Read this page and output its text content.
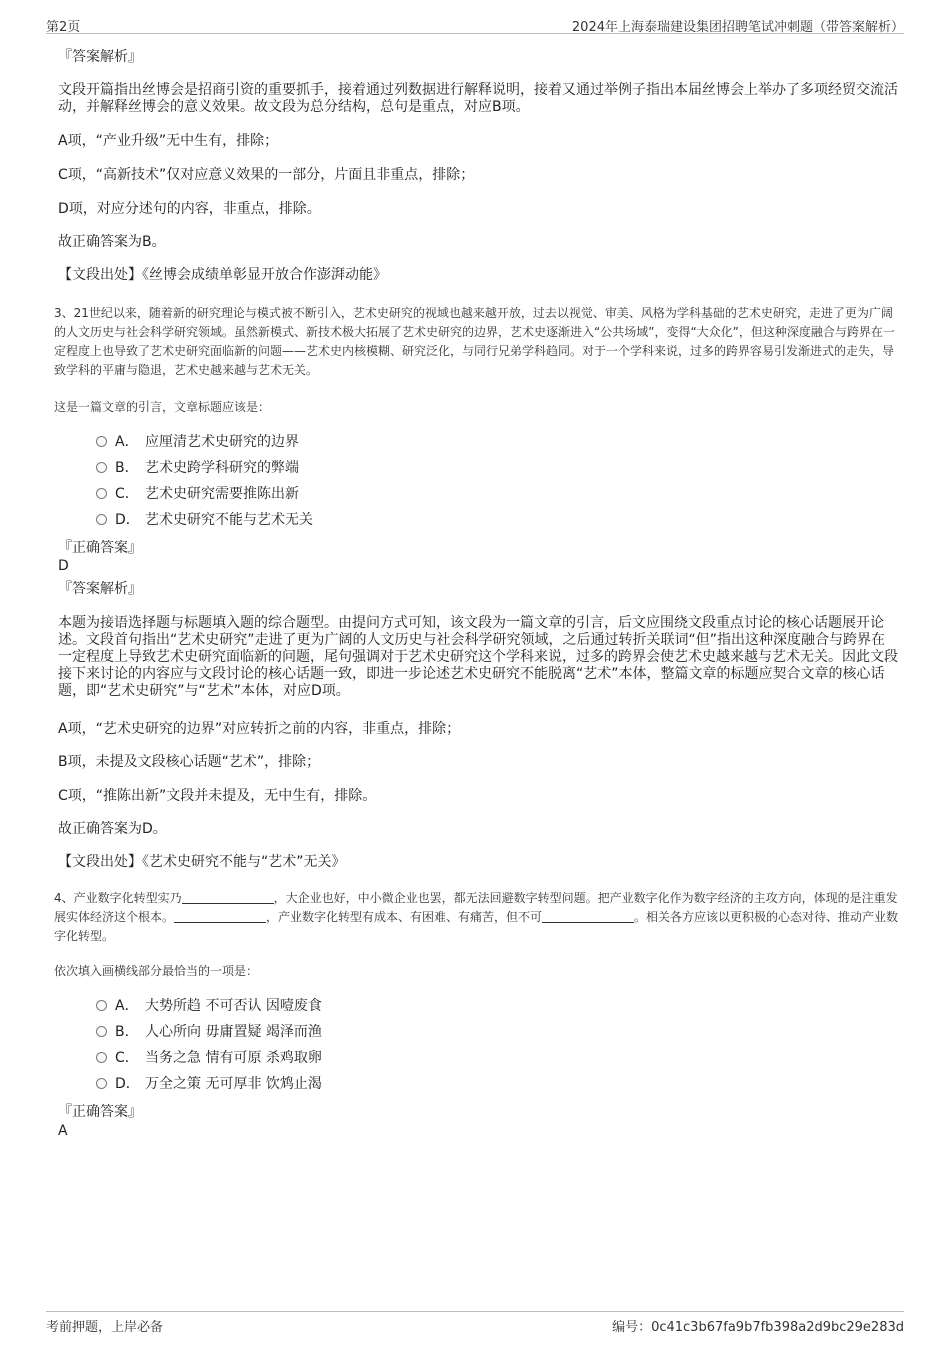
第2页	2024年上海泰瑞建设集团招聘笔试冲刺题（带答案解析）
『答案解析』
文段开篇指出丝博会是招商引资的重要抓手，接着通过列数据进行解释说明，接着又通过举例子指出本届丝博会上举办了多项经贸交流活动，并解释丝博会的意义效果。故文段为总分结构，总句是重点，对应B项。
A项，“产业升级”无中生有，排除；
C项，“高新技术”仅对应意义效果的一部分，片面且非重点，排除；
D项，对应分述句的内容，非重点，排除。
故正确答案为B。
【文段出处】《丝博会成绩单彰显开放合作澎湃动能》
3、21世纪以来，随着新的研究理论与模式被不断引入，艺术史研究的视域也越来越开放，过去以视觉、审美、风格为学科基础的艺术史研究，走进了更为广阔的人文历史与社会科学研究领域。虽然新模式、新技术极大拓展了艺术史研究的边界，艺术史逐渐进入“公共场域”，变得“大众化”，但这种深度融合与跨界在一定程度上也导致了艺术史研究面临新的问题——艺术史内核模糊、研究泛化，与同行兄弟学科趋同。对于一个学科来说，过多的跨界容易引发渐进式的走失，导致学科的平庸与隐退，艺术史越来越与艺术无关。
这是一篇文章的引言，文章标题应该是：
A． 应厘清艺术史研究的边界
B． 艺术史跨学科研究的弊端
C． 艺术史研究需要推陈出新
D． 艺术史研究不能与艺术无关
『正确答案』
D
『答案解析』
本题为接语选择题与标题填入题的综合题型。由提问方式可知，该文段为一篇文章的引言，后文应围绕文段重点讨论的核心话题展开论述。文段首句指出“艺术史研究”走进了更为广阔的人文历史与社会科学研究领域，之后通过转折关联词“但”指出这种深度融合与跨界在一定程度上导致艺术史研究面临新的问题，尾句强调对于艺术史研究这个学科来说，过多的跨界会使艺术史越来越与艺术无关。因此文段接下来讨论的内容应与文段讨论的核心话题一致，即进一步论述艺术史研究不能脱离“艺术”本体，整篇文章的标题应契合文章的核心话题，即“艺术史研究”与“艺术”本体，对应D项。
A项，“艺术史研究的边界”对应转折之前的内容，非重点，排除；
B项，未提及文段核心话题“艺术”，排除；
C项，“推陈出新”文段并未提及，无中生有，排除。
故正确答案为D。
【文段出处】《艺术史研究不能与“艺术”无关》
4、产业数字化转型实乃	，大企业也好，中小微企业也罢，都无法回避数字转型问题。把产业数字化作为数字经济的主攻方向，体现的是注重发展实体经济这个根本。	，产业数字化转型有成本、有困难、有痛苦，但不可	。相关各方应该以更积极的心态对待、推动产业数字化转型。
依次填入画横线部分最恰当的一项是：
A． 大势所趋 不可否认 因噎废食
B． 人心所向 毋庸置疑 竭泽而渔
C． 当务之急 情有可原 杀鸡取卵
D． 万全之策 无可厚非 饮鸩止渴
『正确答案』
A
考前押题，上岸必备	编号：0c41c3b67fa9b7fb398a2d9bc29e283d
